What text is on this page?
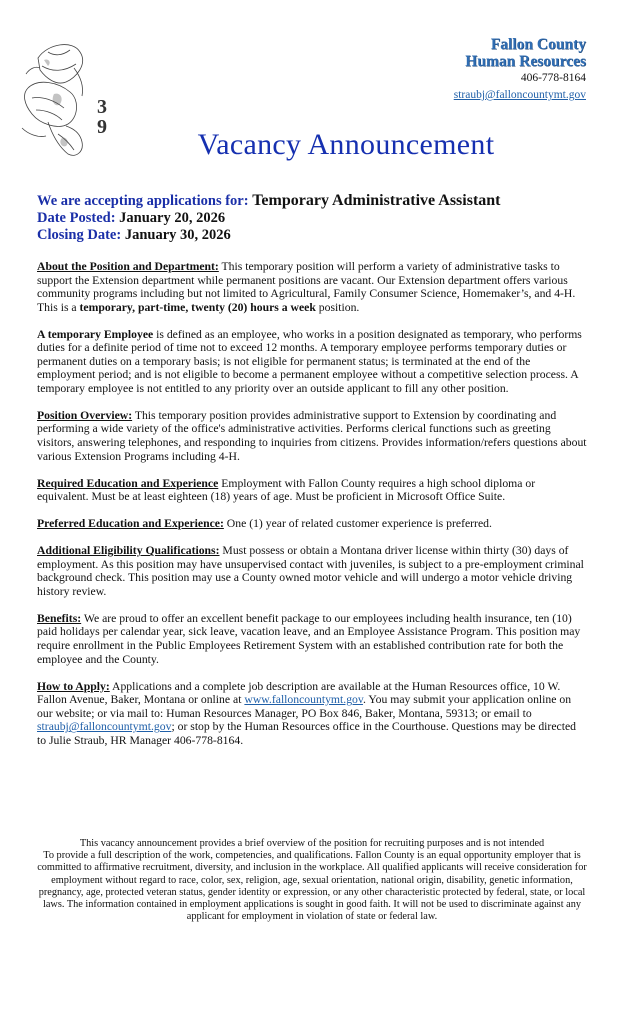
39
Fallon County
Human Resources
406-778-8164
straubj@falloncountymt.gov
Vacancy Announcement
We are accepting applications for: Temporary Administrative Assistant
Date Posted: January 20, 2026
Closing Date: January 30, 2026

About the Position and Department: This temporary position will perform a variety of administrative tasks to support the Extension department while permanent positions are vacant. Our Extension department offers various community programs including but not limited to Agricultural, Family Consumer Science, Homemaker’s, and 4-H. This is a temporary, part-time, twenty (20) hours a week position.

A temporary Employee is defined as an employee, who works in a position designated as temporary, who performs duties for a definite period of time not to exceed 12 months. A temporary employee performs temporary duties or permanent duties on a temporary basis; is not eligible for permanent status; is terminated at the end of the employment period; and is not eligible to become a permanent employee without a competitive selection process. A temporary employee is not entitled to any priority over an outside applicant to fill any other position.

Position Overview: This temporary position provides administrative support to Extension by coordinating and performing a wide variety of the office's administrative activities. Performs clerical functions such as greeting visitors, answering telephones, and responding to inquiries from citizens. Provides information/refers questions about various Extension Programs including 4-H.

Required Education and Experience Employment with Fallon County requires a high school diploma or equivalent. Must be at least eighteen (18) years of age. Must be proficient in Microsoft Office Suite.

Preferred Education and Experience: One (1) year of related customer experience is preferred.

Additional Eligibility Qualifications: Must possess or obtain a Montana driver license within thirty (30) days of employment. As this position may have unsupervised contact with juveniles, is subject to a pre-employment criminal background check. This position may use a County owned motor vehicle and will undergo a motor vehicle driving history review.

Benefits: We are proud to offer an excellent benefit package to our employees including health insurance, ten (10) paid holidays per calendar year, sick leave, vacation leave, and an Employee Assistance Program. This position may require enrollment in the Public Employees Retirement System with an established contribution rate for both the employee and the County.

How to Apply: Applications and a complete job description are available at the Human Resources office, 10 W. Fallon Avenue, Baker, Montana or online at www.falloncountymt.gov. You may submit your application online on our website; or via mail to: Human Resources Manager, PO Box 846, Baker, Montana, 59313; or email to straubj@falloncountymt.gov; or stop by the Human Resources office in the Courthouse. Questions may be directed to Julie Straub, HR Manager 406-778-8164.

This vacancy announcement provides a brief overview of the position for recruiting purposes and is not intended

To provide a full description of the work, competencies, and qualifications. Fallon County is an equal opportunity employer that is committed to affirmative recruitment, diversity, and inclusion in the workplace. All qualified applicants will receive consideration for employment without regard to race, color, sex, religion, age, sexual orientation, national origin, disability, genetic information, pregnancy, age, protected veteran status, gender identity or expression, or any other characteristic protected by federal, state, or local laws. The information contained in employment applications is sought in good faith. It will not be used to discriminate against any applicant for employment in violation of state or federal law.
